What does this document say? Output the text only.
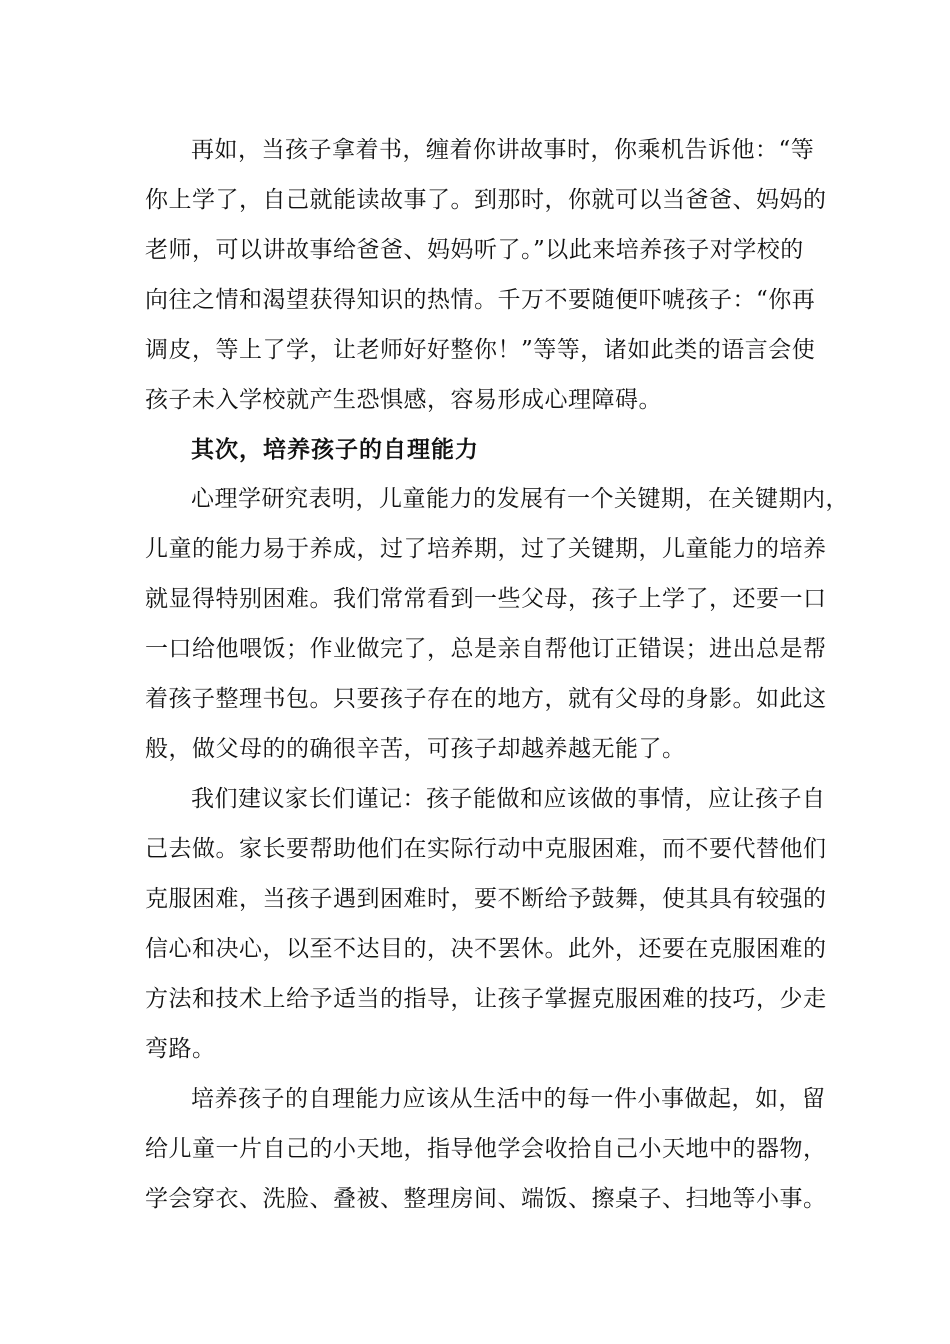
再如，当孩子拿着书，缠着你讲故事时，你乘机告诉他：“等
你上学了，自己就能读故事了。到那时，你就可以当爸爸、妈妈的
老师，可以讲故事给爸爸、妈妈听了。”以此来培养孩子对学校的
向往之情和渴望获得知识的热情。千万不要随便吓唬孩子：“你再
调皮，等上了学，让老师好好整你！”等等，诸如此类的语言会使
孩子未入学校就产生恐惧感，容易形成心理障碍。
其次，培养孩子的自理能力
心理学研究表明，儿童能力的发展有一个关键期，在关键期内，
儿童的能力易于养成，过了培养期，过了关键期，儿童能力的培养
就显得特别困难。我们常常看到一些父母，孩子上学了，还要一口
一口给他喂饭；作业做完了，总是亲自帮他订正错误；进出总是帮
着孩子整理书包。只要孩子存在的地方，就有父母的身影。如此这
般，做父母的的确很辛苦，可孩子却越养越无能了。
我们建议家长们谨记：孩子能做和应该做的事情，应让孩子自
己去做。家长要帮助他们在实际行动中克服困难，而不要代替他们
克服困难，当孩子遇到困难时，要不断给予鼓舞，使其具有较强的
信心和决心，以至不达目的，决不罢休。此外，还要在克服困难的
方法和技术上给予适当的指导，让孩子掌握克服困难的技巧，少走
弯路。
培养孩子的自理能力应该从生活中的每一件小事做起，如，留
给儿童一片自己的小天地，指导他学会收拾自己小天地中的器物，
学会穿衣、洗脸、叠被、整理房间、端饭、擦桌子、扫地等小事。
